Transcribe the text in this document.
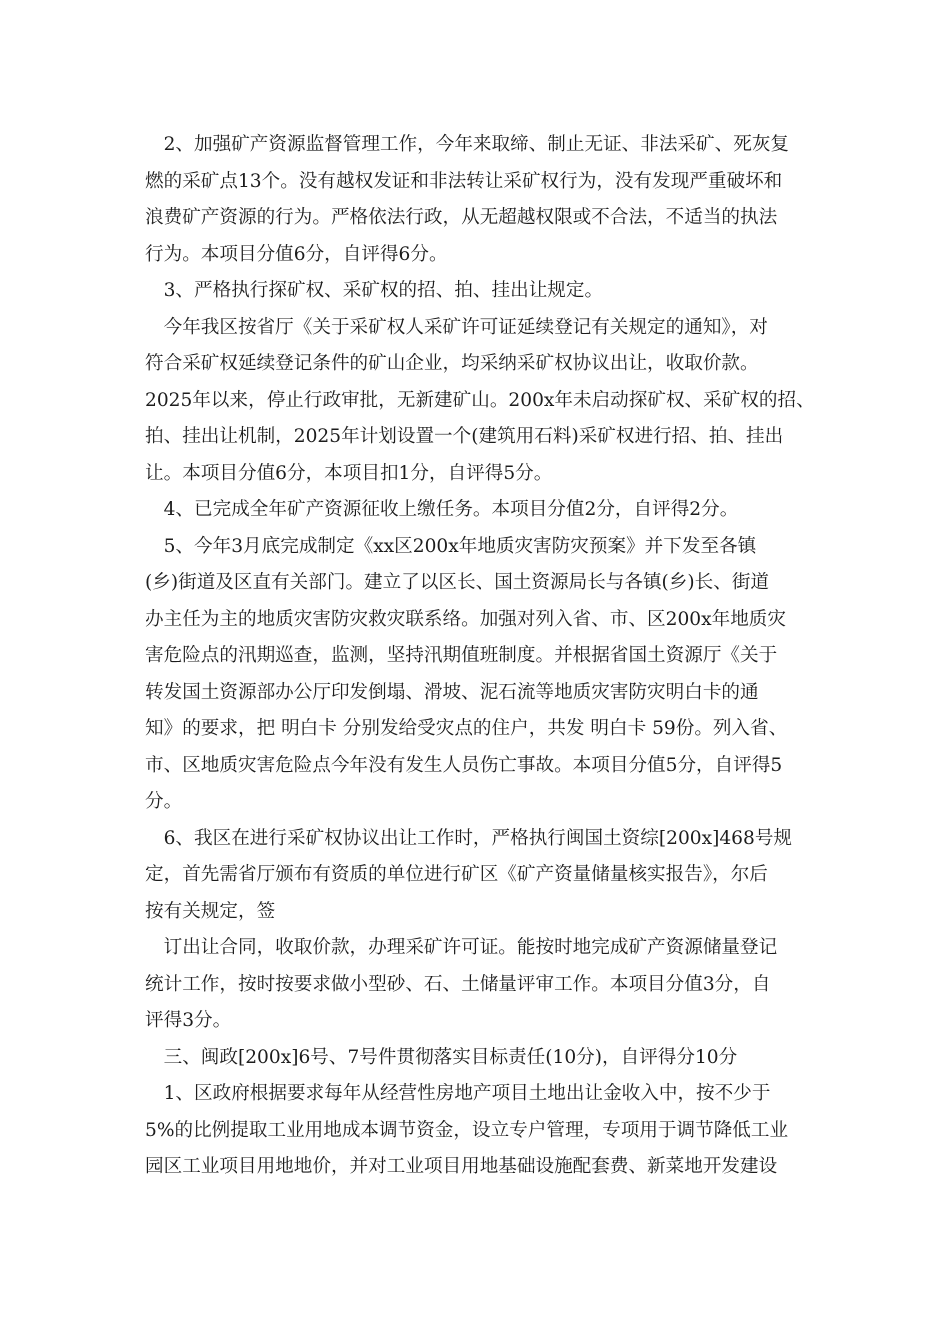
　2、加强矿产资源监督管理工作，今年来取缔、制止无证、非法采矿、死灰复
燃的采矿点13个。没有越权发证和非法转让采矿权行为，没有发现严重破坏和
浪费矿产资源的行为。严格依法行政，从无超越权限或不合法，不适当的执法
行为。本项目分值6分，自评得6分。
　3、严格执行探矿权、采矿权的招、拍、挂出让规定。
　今年我区按省厅《关于采矿权人采矿许可证延续登记有关规定的通知》，对
符合采矿权延续登记条件的矿山企业，均采纳采矿权协议出让，收取价款。
2025年以来，停止行政审批，无新建矿山。200x年未启动探矿权、采矿权的招、
拍、挂出让机制，2025年计划设置一个(建筑用石料)采矿权进行招、拍、挂出
让。本项目分值6分，本项目扣1分，自评得5分。
　4、已完成全年矿产资源征收上缴任务。本项目分值2分，自评得2分。
　5、今年3月底完成制定《xx区200x年地质灾害防灾预案》并下发至各镇
(乡)街道及区直有关部门。建立了以区长、国土资源局长与各镇(乡)长、街道
办主任为主的地质灾害防灾救灾联系络。加强对列入省、市、区200x年地质灾
害危险点的汛期巡查，监测，坚持汛期值班制度。并根据省国土资源厅《关于
转发国土资源部办公厅印发倒塌、滑坡、泥石流等地质灾害防灾明白卡的通
知》的要求，把 明白卡 分别发给受灾点的住户，共发 明白卡 59份。列入省、
市、区地质灾害危险点今年没有发生人员伤亡事故。本项目分值5分，自评得5
分。
　6、我区在进行采矿权协议出让工作时，严格执行闽国土资综[200x]468号规
定，首先需省厅颁布有资质的单位进行矿区《矿产资量储量核实报告》，尔后
按有关规定，签
　订出让合同，收取价款，办理采矿许可证。能按时地完成矿产资源储量登记
统计工作，按时按要求做小型砂、石、土储量评审工作。本项目分值3分，自
评得3分。
　三、闽政[200x]6号、7号件贯彻落实目标责任(10分)，自评得分10分
　1、区政府根据要求每年从经营性房地产项目土地出让金收入中，按不少于
5%的比例提取工业用地成本调节资金，设立专户管理，专项用于调节降低工业
园区工业项目用地地价，并对工业项目用地基础设施配套费、新菜地开发建设
